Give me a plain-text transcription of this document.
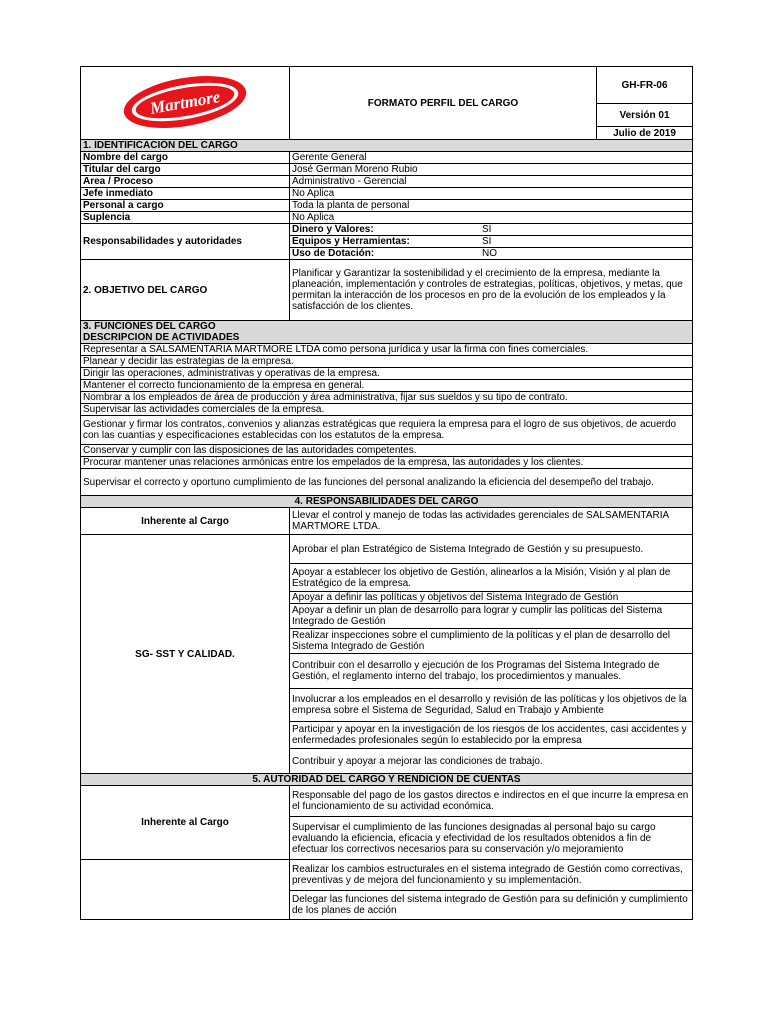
Martmore	FORMATO PERFIL DEL CARGO	GH-FR-06
		Versión 01
		Julio de 2019
1. IDENTIFICACIÓN DEL CARGO		
Nombre del cargo	Gerente General	
Titular del cargo	José German Moreno Rubio	
Area / Proceso	Administrativo - Gerencial	
Jefe inmediato	No Aplica	
Personal a cargo	Toda la planta de personal	
Suplencia	No Aplica	
Responsabilidades y autoridades	Dinero y Valores: SI	
	Equipos y Herramientas: SI	
	Uso de Dotación: NO	
2. OBJETIVO DEL CARGO	Planificar y Garantizar la sostenibilidad y el crecimiento de la empresa, mediante la planeación, implementación y controles de estrategias, políticas, objetivos, y metas, que permitan la interacción de los procesos en pro de la evolución de los empleados y la satisfacción de los clientes.	
3. FUNCIONES DEL CARGO		
DESCRIPCIÓN DE ACTIVIDADES		
Representar a SALSAMENTARIA MARTMORE LTDA como persona jurídica y usar la firma con fines comerciales.		
Planear y decidir las estrategias de la empresa.		
Dirigir las operaciones, administrativas y operativas de la empresa.		
Mantener el correcto funcionamiento de la empresa en general.		
Nombrar a los empleados de área de producción y área administrativa, fijar sus sueldos y su tipo de contrato.		
Supervisar las actividades comerciales de la empresa.		
Gestionar y firmar los contratos, convenios y alianzas estratégicas que requiera la empresa para el logro de sus objetivos, de acuerdo con las cuantías y especificaciones establecidas con los estatutos de la empresa.		
Conservar y cumplir con las disposiciones de las autoridades competentes.		
Procurar mantener unas relaciones armónicas entre los empelados de la empresa, las autoridades y los clientes.		
Supervisar el correcto y oportuno cumplimiento de las funciones del personal analizando la eficiencia del desempeño del trabajo.		
4. RESPONSABILIDADES DEL CARGO		
Inherente al Cargo	Llevar el control y manejo de todas las actividades gerenciales de SALSAMENTARIA MARTMORE LTDA.	
SG- SST Y CALIDAD.	Aprobar el plan Estratégico de Sistema Integrado de Gestión y su presupuesto.	
	Apoyar a establecer los objetivo de Gestión, alinearlos a la Misión, Visión y al plan de Estratégico de la empresa.	
	Apoyar a definir las políticas y objetivos del Sistema Integrado de Gestión	
	Apoyar a definir un plan de desarrollo para lograr y cumplir las políticas del Sistema Integrado de Gestión	
	Realizar inspecciones sobre el cumplimiento de la políticas y el plan de desarrollo del Sistema Integrado de Gestión	
	Contribuir con el desarrollo y ejecución de los Programas del Sistema Integrado de Gestión, el reglamento interno del trabajo, los procedimientos y manuales.	
	Involucrar a los empleados en el desarrollo y revisión de las políticas y los objetivos de la empresa sobre el Sistema de Seguridad, Salud en Trabajo y Ambiente	
	Participar y apoyar en la investigación de los riesgos de los accidentes, casi accidentes y enfermedades profesionales según lo establecido por la empresa	
	Contribuir y apoyar a mejorar las condiciones de trabajo.	
5. AUTORIDAD DEL CARGO Y RENDICIÓN DE CUENTAS		
Inherente al Cargo	Responsable del pago de los gastos directos e indirectos en el que incurre la empresa en el funcionamiento de su actividad económica.	
	Supervisar el cumplimiento de las funciones designadas al personal bajo su cargo evaluando la eficiencia, eficacia y efectividad de los resultados obtenidos a fin de efectuar los correctivos necesarios para su conservación y/o mejoramiento	
	Realizar los cambios estructurales en el sistema integrado de Gestión como correctivas, preventivas y de mejora del funcionamiento y su implementación.	
	Delegar las funciones del sistema integrado de Gestión para su definición y cumplimiento de los planes de acción	
